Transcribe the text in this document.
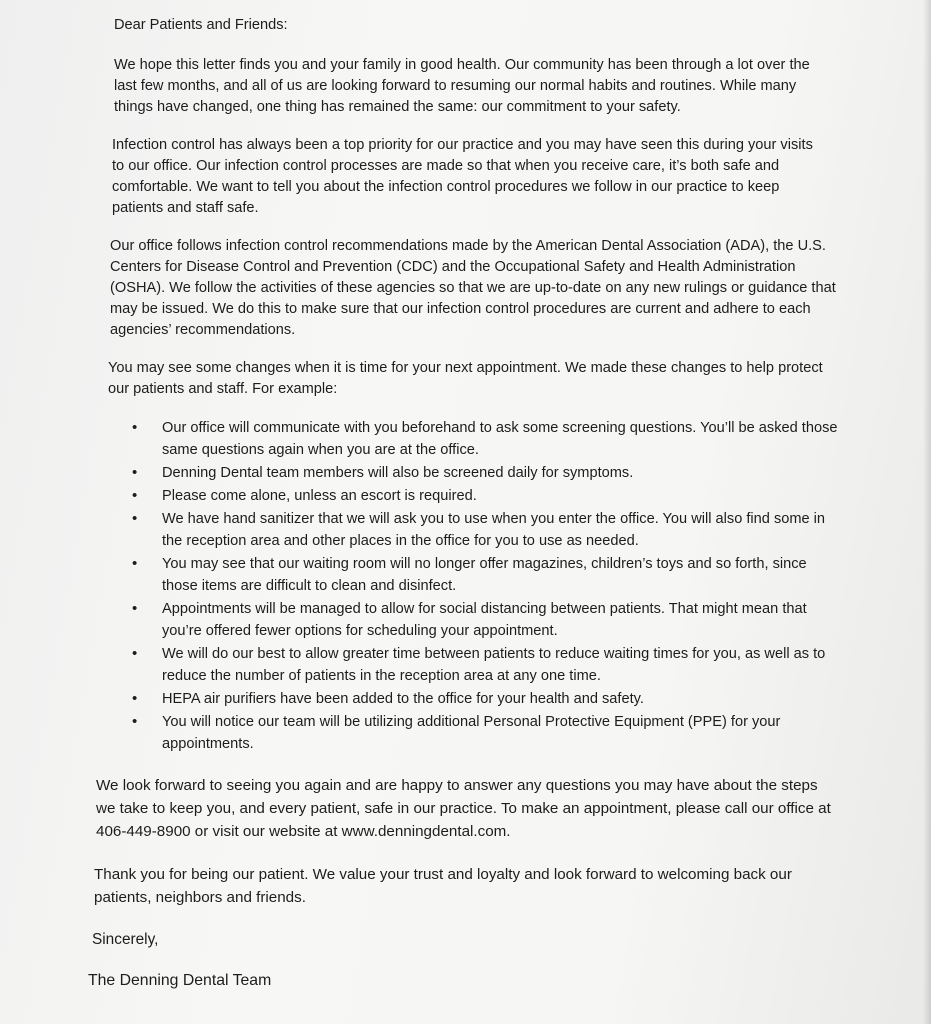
Dear Patients and Friends:

We hope this letter finds you and your family in good health. Our community has been through a lot over the last few months, and all of us are looking forward to resuming our normal habits and routines. While many things have changed, one thing has remained the same: our commitment to your safety.

Infection control has always been a top priority for our practice and you may have seen this during your visits to our office. Our infection control processes are made so that when you receive care, it’s both safe and comfortable. We want to tell you about the infection control procedures we follow in our practice to keep patients and staff safe.

Our office follows infection control recommendations made by the American Dental Association (ADA), the U.S. Centers for Disease Control and Prevention (CDC) and the Occupational Safety and Health Administration (OSHA). We follow the activities of these agencies so that we are up-to-date on any new rulings or guidance that may be issued. We do this to make sure that our infection control procedures are current and adhere to each agencies’ recommendations.

You may see some changes when it is time for your next appointment. We made these changes to help protect our patients and staff. For example:

• Our office will communicate with you beforehand to ask some screening questions. You’ll be asked those same questions again when you are at the office.
• Denning Dental team members will also be screened daily for symptoms.
• Please come alone, unless an escort is required.
• We have hand sanitizer that we will ask you to use when you enter the office. You will also find some in the reception area and other places in the office for you to use as needed.
• You may see that our waiting room will no longer offer magazines, children’s toys and so forth, since those items are difficult to clean and disinfect.
• Appointments will be managed to allow for social distancing between patients. That might mean that you’re offered fewer options for scheduling your appointment.
• We will do our best to allow greater time between patients to reduce waiting times for you, as well as to reduce the number of patients in the reception area at any one time.
• HEPA air purifiers have been added to the office for your health and safety.
• You will notice our team will be utilizing additional Personal Protective Equipment (PPE) for your appointments.

We look forward to seeing you again and are happy to answer any questions you may have about the steps we take to keep you, and every patient, safe in our practice. To make an appointment, please call our office at 406-449-8900 or visit our website at www.denningdental.com.

Thank you for being our patient. We value your trust and loyalty and look forward to welcoming back our patients, neighbors and friends.

Sincerely,

The Denning Dental Team
